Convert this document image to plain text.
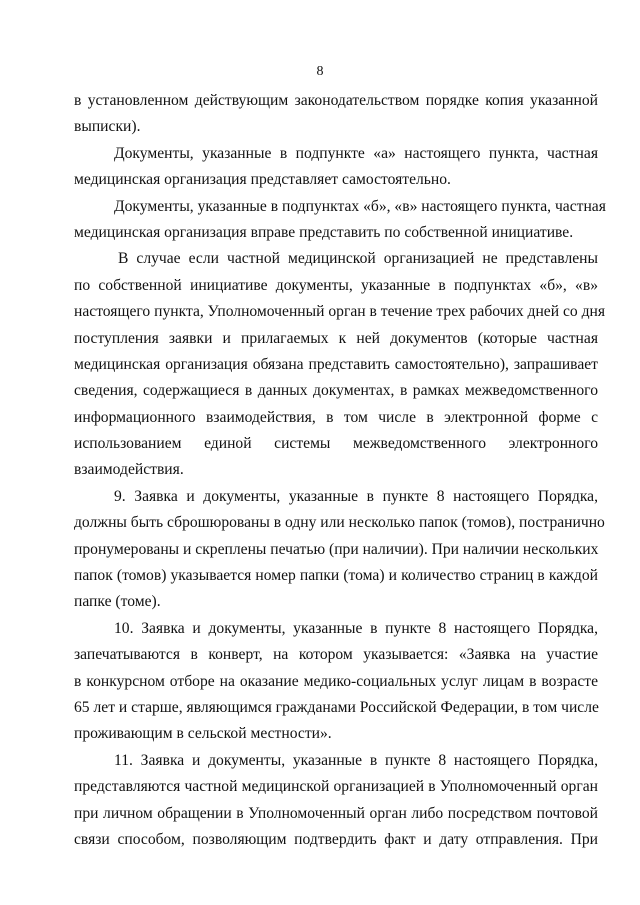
8
в установленном действующим законодательством порядке копия указанной
выписки).
Документы, указанные в подпункте «а» настоящего пункта, частная
медицинская организация представляет самостоятельно.
Документы, указанные в подпунктах «б», «в» настоящего пункта, частная
медицинская организация вправе представить по собственной инициативе.
В случае если частной медицинской организацией не представлены
по собственной инициативе документы, указанные в подпунктах «б», «в»
настоящего пункта, Уполномоченный орган в течение трех рабочих дней со дня
поступления заявки и прилагаемых к ней документов (которые частная
медицинская организация обязана представить самостоятельно), запрашивает
сведения, содержащиеся в данных документах, в рамках межведомственного
информационного взаимодействия, в том числе в электронной форме с
использованием единой системы межведомственного электронного
взаимодействия.
9. Заявка и документы, указанные в пункте 8 настоящего Порядка,
должны быть сброшюрованы в одну или несколько папок (томов), постранично
пронумерованы и скреплены печатью (при наличии). При наличии нескольких
папок (томов) указывается номер папки (тома) и количество страниц в каждой
папке (томе).
10. Заявка и документы, указанные в пункте 8 настоящего Порядка,
запечатываются в конверт, на котором указывается: «Заявка на участие
в конкурсном отборе на оказание медико-социальных услуг лицам в возрасте
65 лет и старше, являющимся гражданами Российской Федерации, в том числе
проживающим в сельской местности».
11. Заявка и документы, указанные в пункте 8 настоящего Порядка,
представляются частной медицинской организацией в Уполномоченный орган
при личном обращении в Уполномоченный орган либо посредством почтовой
связи способом, позволяющим подтвердить факт и дату отправления. При
